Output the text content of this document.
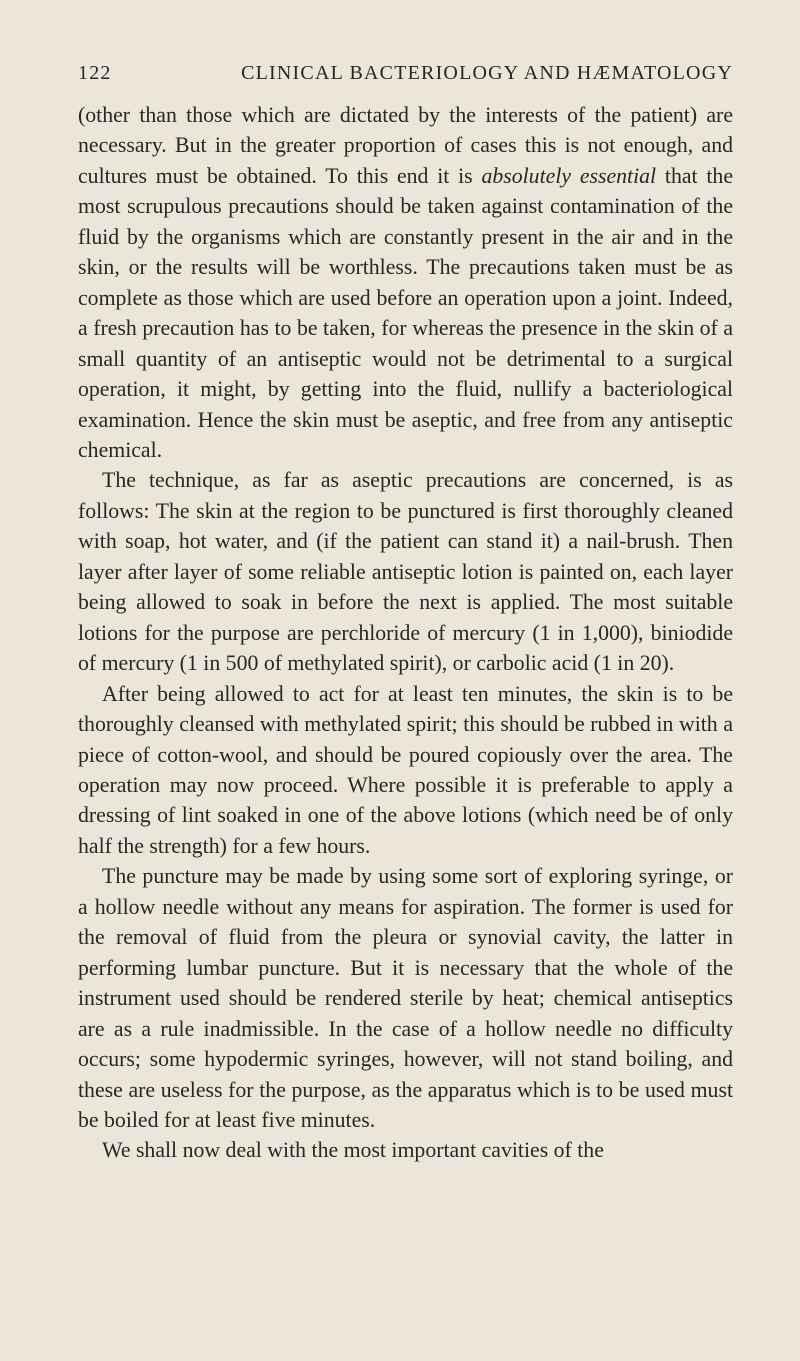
122	CLINICAL BACTERIOLOGY AND HÆMATOLOGY

(other than those which are dictated by the interests of the patient) are necessary. But in the greater proportion of cases this is not enough, and cultures must be obtained. To this end it is absolutely essential that the most scrupulous precautions should be taken against contamination of the fluid by the organisms which are constantly present in the air and in the skin, or the results will be worthless. The precautions taken must be as complete as those which are used before an operation upon a joint. Indeed, a fresh precaution has to be taken, for whereas the presence in the skin of a small quantity of an antiseptic would not be detrimental to a surgical operation, it might, by getting into the fluid, nullify a bacteriological examination. Hence the skin must be aseptic, and free from any antiseptic chemical.

The technique, as far as aseptic precautions are concerned, is as follows: The skin at the region to be punctured is first thoroughly cleaned with soap, hot water, and (if the patient can stand it) a nail-brush. Then layer after layer of some reliable antiseptic lotion is painted on, each layer being allowed to soak in before the next is applied. The most suitable lotions for the purpose are perchloride of mercury (1 in 1,000), biniodide of mercury (1 in 500 of methylated spirit), or carbolic acid (1 in 20).

After being allowed to act for at least ten minutes, the skin is to be thoroughly cleansed with methylated spirit; this should be rubbed in with a piece of cotton-wool, and should be poured copiously over the area. The operation may now proceed. Where possible it is preferable to apply a dressing of lint soaked in one of the above lotions (which need be of only half the strength) for a few hours.

The puncture may be made by using some sort of exploring syringe, or a hollow needle without any means for aspiration. The former is used for the removal of fluid from the pleura or synovial cavity, the latter in performing lumbar puncture. But it is necessary that the whole of the instrument used should be rendered sterile by heat; chemical antiseptics are as a rule inadmissible. In the case of a hollow needle no difficulty occurs; some hypodermic syringes, however, will not stand boiling, and these are useless for the purpose, as the apparatus which is to be used must be boiled for at least five minutes.

We shall now deal with the most important cavities of the
